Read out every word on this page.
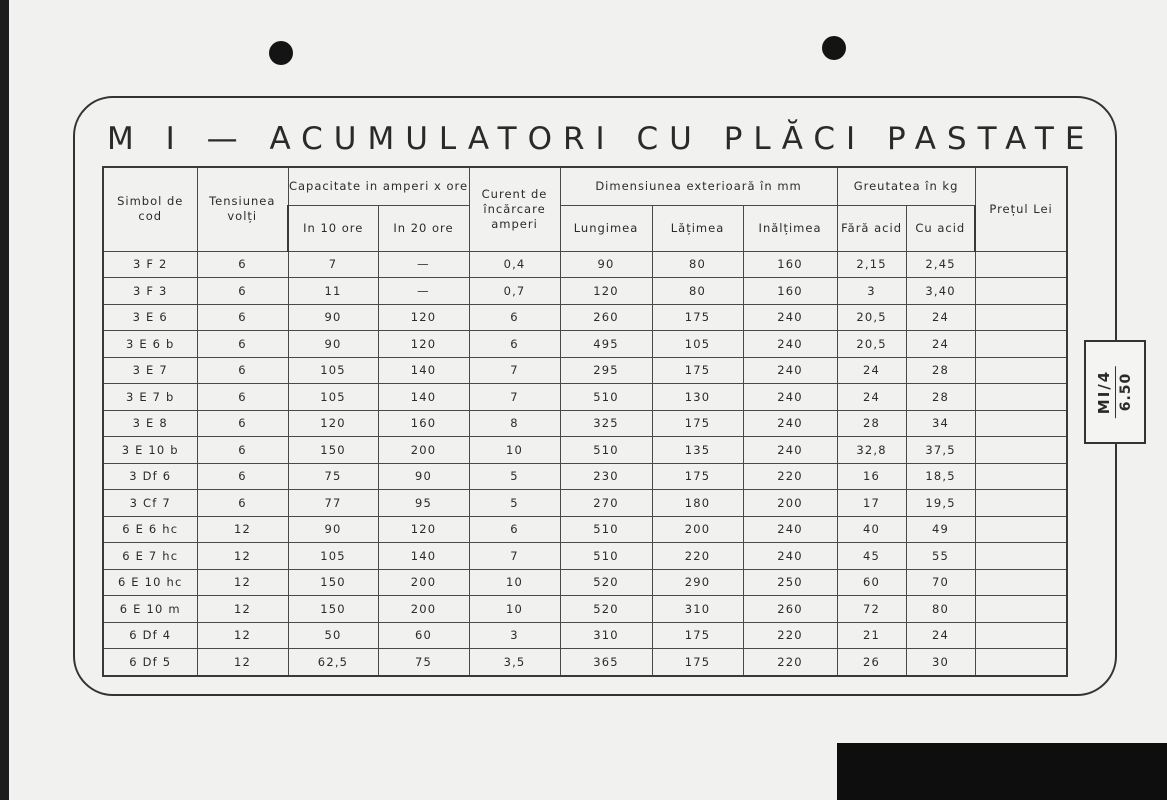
M I — ACUMULATORI CU PLĂCI PASTATE
Simbol de cod	Tensiunea volți	Capacitate in amperi x ore		Curent de încărcare amperi	Dimensiunea exterioară în mm			Greutatea în kg		Prețul Lei
		In 10 ore	In 20 ore		Lungimea	Lățimea	Inălțimea	Fără acid	Cu acid	
3 F 2	6	7	—	0,4	90	80	160	2,15	2,45	
3 F 3	6	11	—	0,7	120	80	160	3	3,40	
3 E 6	6	90	120	6	260	175	240	20,5	24	
3 E 6 b	6	90	120	6	495	105	240	20,5	24	
3 E 7	6	105	140	7	295	175	240	24	28	
3 E 7 b	6	105	140	7	510	130	240	24	28	
3 E 8	6	120	160	8	325	175	240	28	34	
3 E 10 b	6	150	200	10	510	135	240	32,8	37,5	
3 Df 6	6	75	90	5	230	175	220	16	18,5	
3 Cf 7	6	77	95	5	270	180	200	17	19,5	
6 E 6 hc	12	90	120	6	510	200	240	40	49	
6 E 7 hc	12	105	140	7	510	220	240	45	55	
6 E 10 hc	12	150	200	10	520	290	250	60	70	
6 E 10 m	12	150	200	10	520	310	260	72	80	
6 Df 4	12	50	60	3	310	175	220	21	24	
6 Df 5	12	62,5	75	3,5	365	175	220	26	30	
MI/4 6.50
